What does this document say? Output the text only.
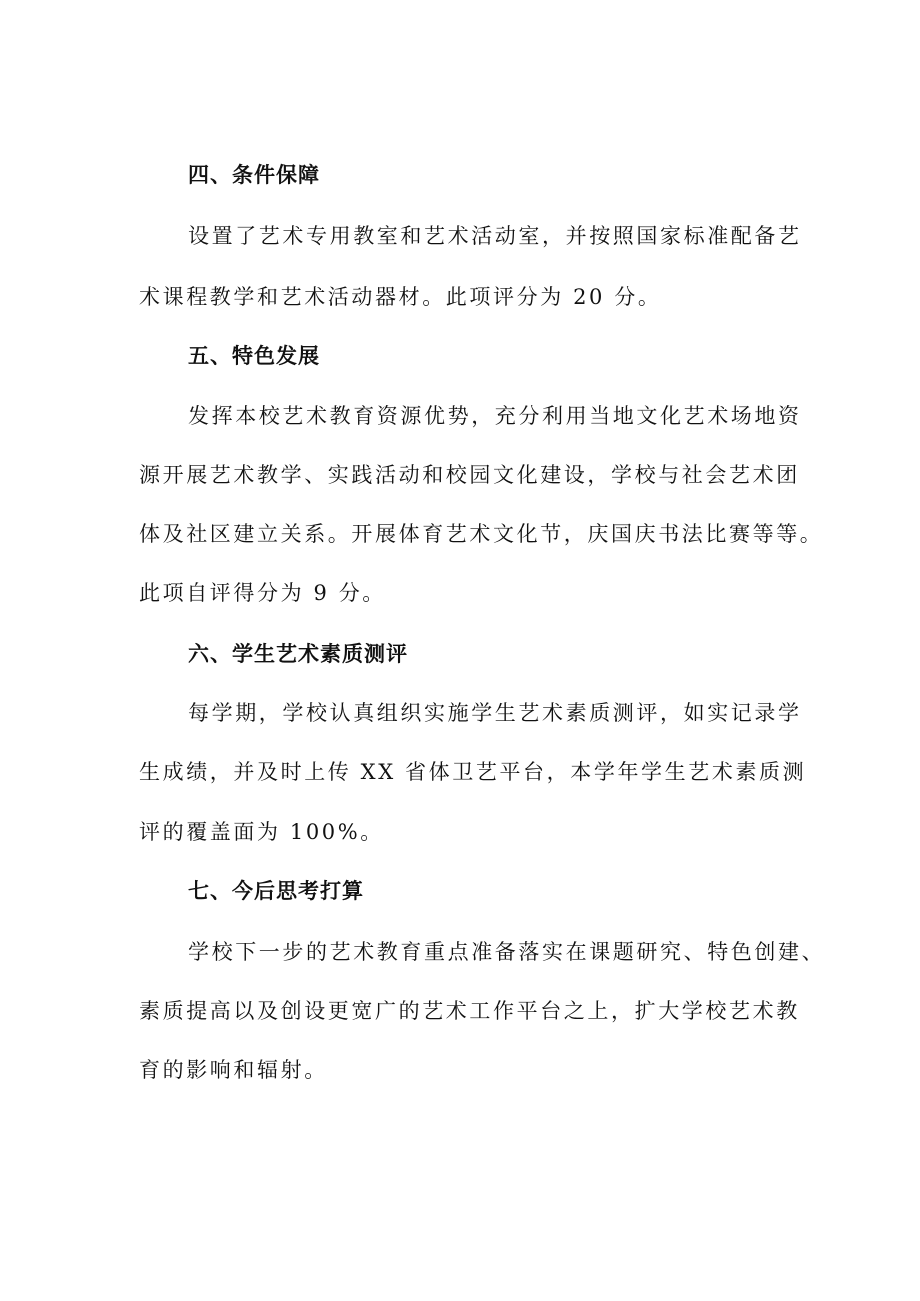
四、条件保障
设置了艺术专用教室和艺术活动室，并按照国家标准配备艺
术课程教学和艺术活动器材。此项评分为 20 分。
五、特色发展
发挥本校艺术教育资源优势，充分利用当地文化艺术场地资
源开展艺术教学、实践活动和校园文化建设，学校与社会艺术团
体及社区建立关系。开展体育艺术文化节，庆国庆书法比赛等等。
此项自评得分为 9 分。
六、学生艺术素质测评
每学期，学校认真组织实施学生艺术素质测评，如实记录学
生成绩，并及时上传 XX 省体卫艺平台，本学年学生艺术素质测
评的覆盖面为 100%。
七、今后思考打算
学校下一步的艺术教育重点准备落实在课题研究、特色创建、
素质提高以及创设更宽广的艺术工作平台之上，扩大学校艺术教
育的影响和辐射。
